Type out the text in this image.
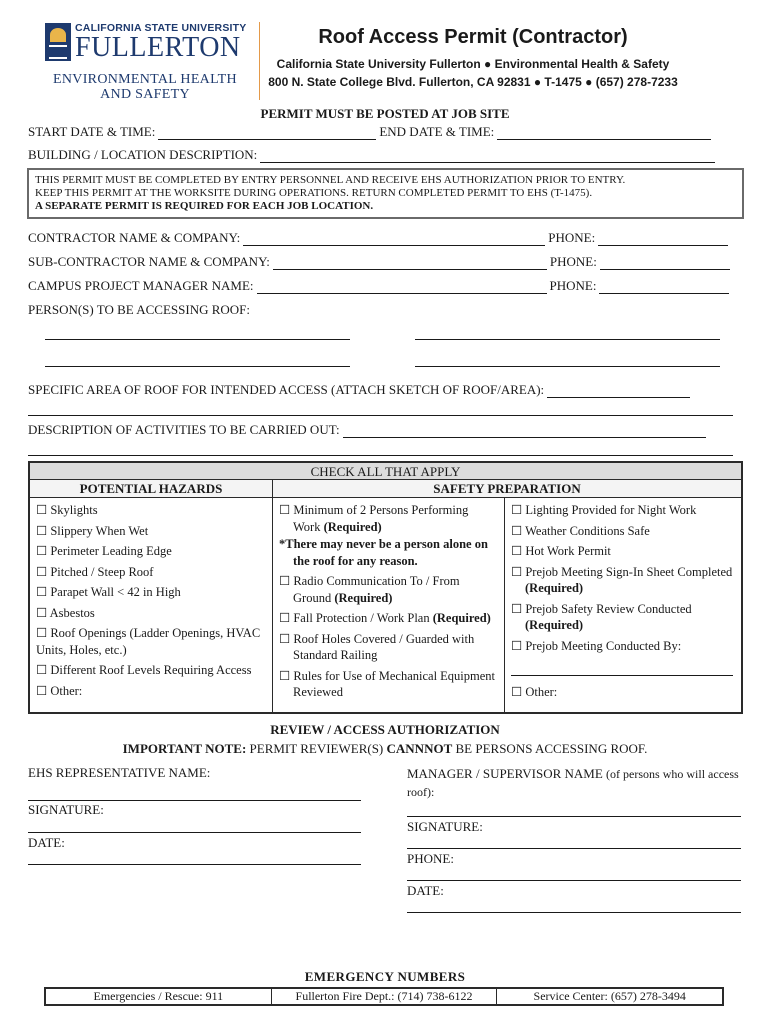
CALIFORNIA STATE UNIVERSITY
FULLERTON
ENVIRONMENTAL HEALTH
AND SAFETY
Roof Access Permit (Contractor)
California State University Fullerton ● Environmental Health & Safety
800 N. State College Blvd. Fullerton, CA 92831 ● T-1475 ● (657) 278-7233
PERMIT MUST BE POSTED AT JOB SITE
START DATE & TIME:	END DATE & TIME:
BUILDING / LOCATION DESCRIPTION:
THIS PERMIT MUST BE COMPLETED BY ENTRY PERSONNEL AND RECEIVE EHS AUTHORIZATION PRIOR TO ENTRY.
KEEP THIS PERMIT AT THE WORKSITE DURING OPERATIONS. RETURN COMPLETED PERMIT TO EHS (T-1475).
A SEPARATE PERMIT IS REQUIRED FOR EACH JOB LOCATION.
CONTRACTOR NAME & COMPANY:	PHONE:
SUB-CONTRACTOR NAME & COMPANY:	PHONE:
CAMPUS PROJECT MANAGER NAME:	PHONE:
PERSON(S) TO BE ACCESSING ROOF:
SPECIFIC AREA OF ROOF FOR INTENDED ACCESS (ATTACH SKETCH OF ROOF/AREA):
DESCRIPTION OF ACTIVITIES TO BE CARRIED OUT:
CHECK ALL THAT APPLY
POTENTIAL HAZARDS	SAFETY PREPARATION
☐ Skylights
☐ Slippery When Wet
☐ Perimeter Leading Edge
☐ Pitched / Steep Roof
☐ Parapet Wall < 42 in High
☐ Asbestos
☐ Roof Openings (Ladder Openings, HVAC Units, Holes, etc.)
☐ Different Roof Levels Requiring Access
☐ Other:
☐ Minimum of 2 Persons Performing Work (Required)
*There may never be a person alone on the roof for any reason.
☐ Radio Communication To / From Ground (Required)
☐ Fall Protection / Work Plan (Required)
☐ Roof Holes Covered / Guarded with Standard Railing
☐ Rules for Use of Mechanical Equipment Reviewed
☐ Lighting Provided for Night Work
☐ Weather Conditions Safe
☐ Hot Work Permit
☐ Prejob Meeting Sign-In Sheet Completed (Required)
☐ Prejob Safety Review Conducted (Required)
☐ Prejob Meeting Conducted By:
☐ Other:
REVIEW / ACCESS AUTHORIZATION
IMPORTANT NOTE: PERMIT REVIEWER(S) CANNNOT BE PERSONS ACCESSING ROOF.
EHS REPRESENTATIVE NAME:
SIGNATURE:
DATE:
MANAGER / SUPERVISOR NAME (of persons who will access roof):
SIGNATURE:
PHONE:
DATE:
EMERGENCY NUMBERS
Emergencies / Rescue: 911	Fullerton Fire Dept.: (714) 738-6122	Service Center: (657) 278-3494
